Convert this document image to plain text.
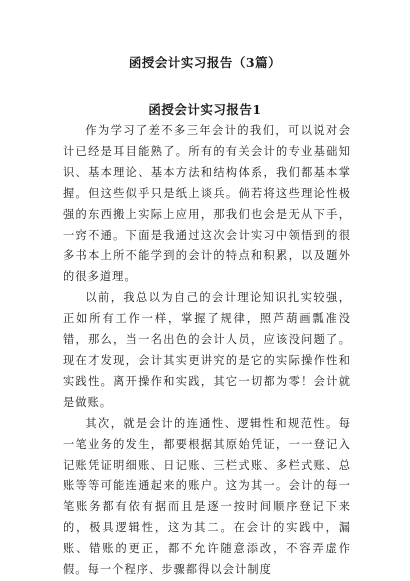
函授会计实习报告（3篇）
函授会计实习报告1

作为学习了差不多三年会计的我们，可以说对会计已经是耳目能熟了。所有的有关会计的专业基础知识、基本理论、基本方法和结构体系，我们都基本掌握。但这些似乎只是纸上谈兵。倘若将这些理论性极强的东西搬上实际上应用，那我们也会是无从下手，一窍不通。下面是我通过这次会计实习中领悟到的很多书本上所不能学到的会计的特点和积累，以及题外的很多道理。

以前，我总以为自己的会计理论知识扎实较强，正如所有工作一样，掌握了规律，照芦葫画瓢准没错，那么，当一名出色的会计人员，应该没问题了。现在才发现，会计其实更讲究的是它的实际操作性和实践性。离开操作和实践，其它一切都为零！会计就是做账。

其次，就是会计的连通性、逻辑性和规范性。每一笔业务的发生，都要根据其原始凭证，一一登记入记账凭证明细账、日记账、三栏式账、多栏式账、总账等等可能连通起来的账户。这为其一。会计的每一笔账务都有依有据而且是逐一按时间顺序登记下来的，极具逻辑性，这为其二。在会计的实践中，漏账、错账的更正，都不允许随意添改，不容弄虚作假。每一个程序、步骤都得以会计制度
